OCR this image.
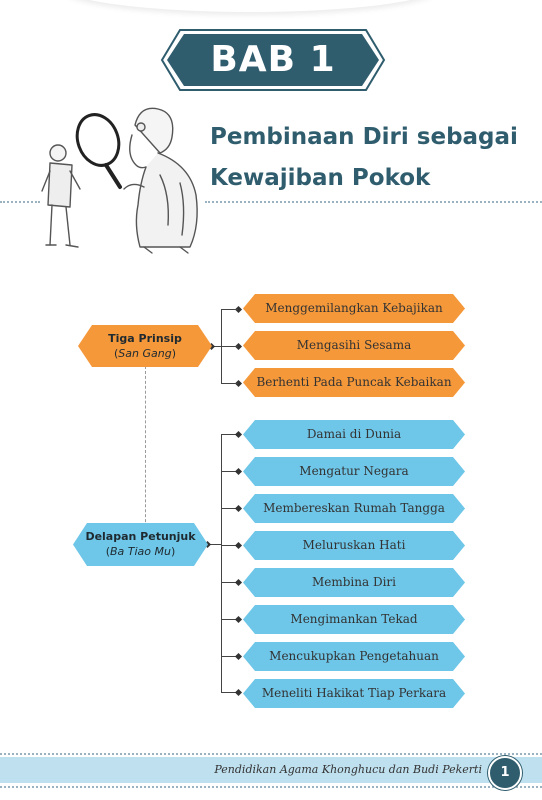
BAB 1
Pembinaan Diri sebagai
Kewajiban Pokok
Tiga Prinsip
(San Gang)
Delapan Petunjuk
(Ba Tiao Mu)
Menggemilangkan Kebajikan
Mengasihi Sesama
Berhenti Pada Puncak Kebaikan
Damai di Dunia
Mengatur Negara
Membereskan Rumah Tangga
Meluruskan Hati
Membina Diri
Mengimankan Tekad
Mencukupkan Pengetahuan
Meneliti Hakikat Tiap Perkara
Pendidikan Agama Khonghucu dan Budi Pekerti	1
